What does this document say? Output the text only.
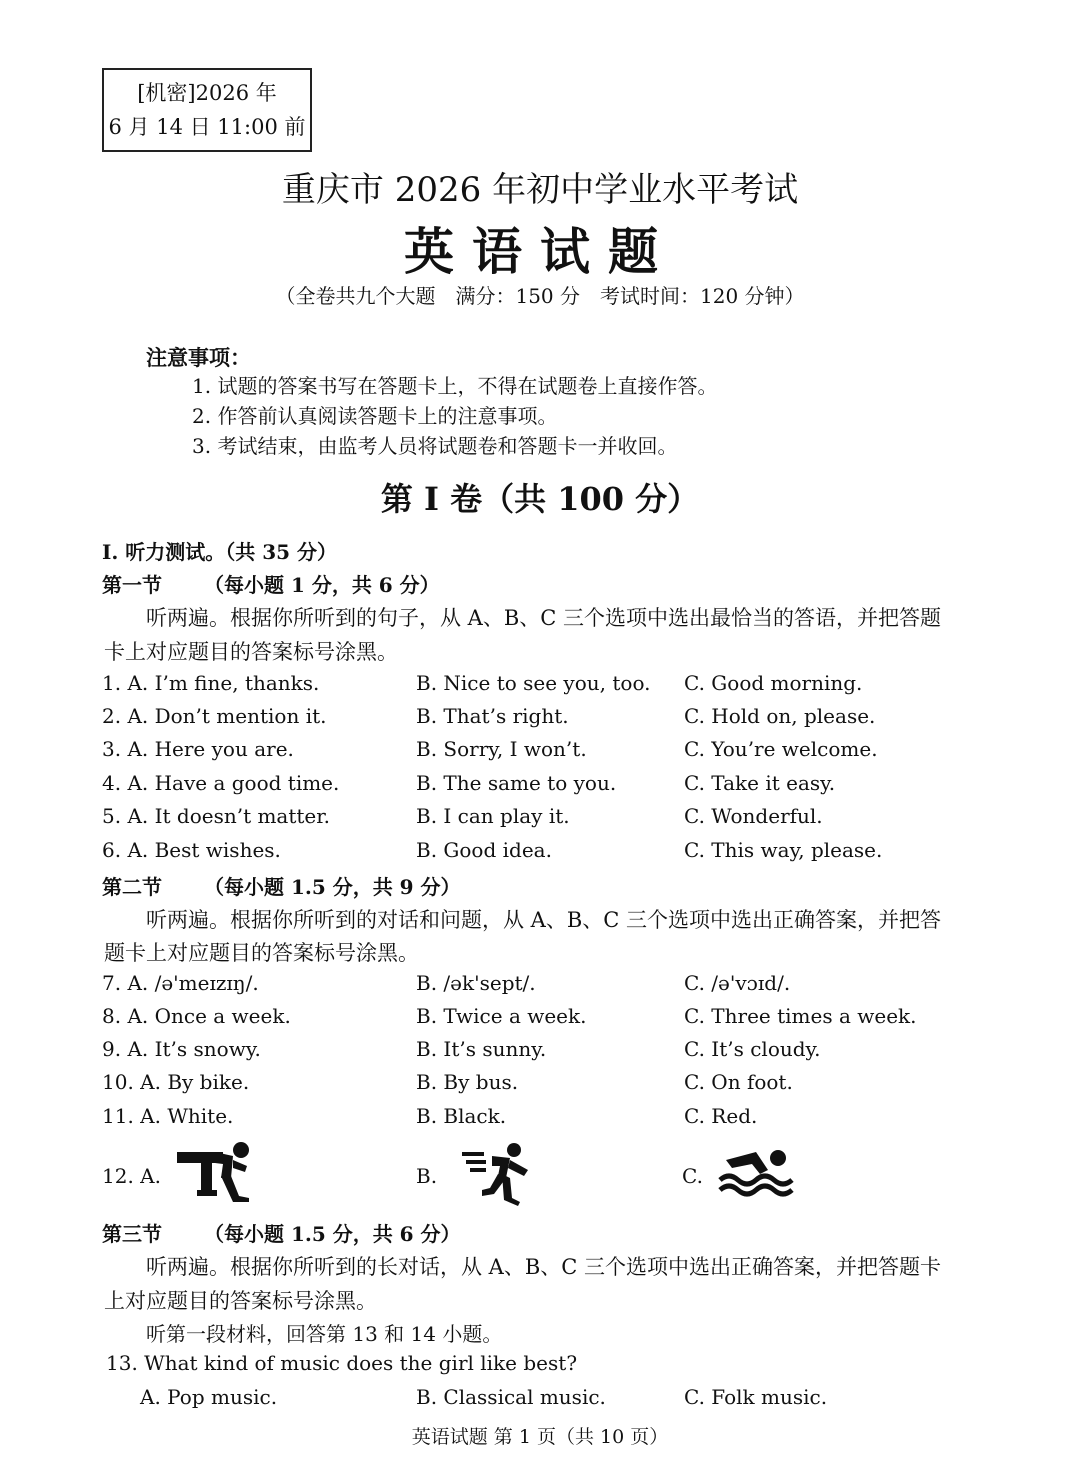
[机密]2026 年
6 月 14 日 11:00 前
重庆市 2026 年初中学业水平考试
英语试题
（全卷共九个大题　满分：150 分　考试时间：120 分钟）
注意事项：
1. 试题的答案书写在答题卡上，不得在试题卷上直接作答。
2. 作答前认真阅读答题卡上的注意事项。
3. 考试结束，由监考人员将试题卷和答题卡一并收回。
第 I 卷（共 100 分）
I. 听力测试。（共 35 分）
第一节 （每小题 1 分，共 6 分）
听两遍。根据你所听到的句子，从 A、B、C 三个选项中选出最恰当的答语，并把答题
卡上对应题目的答案标号涂黑。
1. A. I’m fine, thanks.	B. Nice to see you, too. C. Good morning.
2. A. Don’t mention it.	B. That’s right.	C. Hold on, please.
3. A. Here you are.	B. Sorry, I won’t.	C. You’re welcome.
4. A. Have a good time.	B. The same to you.	C. Take it easy.
5. A. It doesn’t matter.	B. I can play it.	C. Wonderful.
6. A. Best wishes.	B. Good idea.	C. This way, please.
第二节 （每小题 1.5 分，共 9 分）
听两遍。根据你所听到的对话和问题，从 A、B、C 三个选项中选出正确答案，并把答
题卡上对应题目的答案标号涂黑。
7. A. /ə'meɪzɪŋ/.	B. /ək'sept/.	C. /ə'vɔɪd/.
8. A. Once a week.	B. Twice a week.	C. Three times a week.
9. A. It’s snowy.	B. It’s sunny.	C. It’s cloudy.
10. A. By bike.	B. By bus.	C. On foot.
11. A. White.	B. Black.	C. Red.
12. A.	B.	C.
第三节 （每小题 1.5 分，共 6 分）
听两遍。根据你所听到的长对话，从 A、B、C 三个选项中选出正确答案，并把答题卡
上对应题目的答案标号涂黑。
听第一段材料，回答第 13 和 14 小题。
13. What kind of music does the girl like best?
A. Pop music.	B. Classical music.	C. Folk music.
英语试题 第 1 页（共 10 页）
